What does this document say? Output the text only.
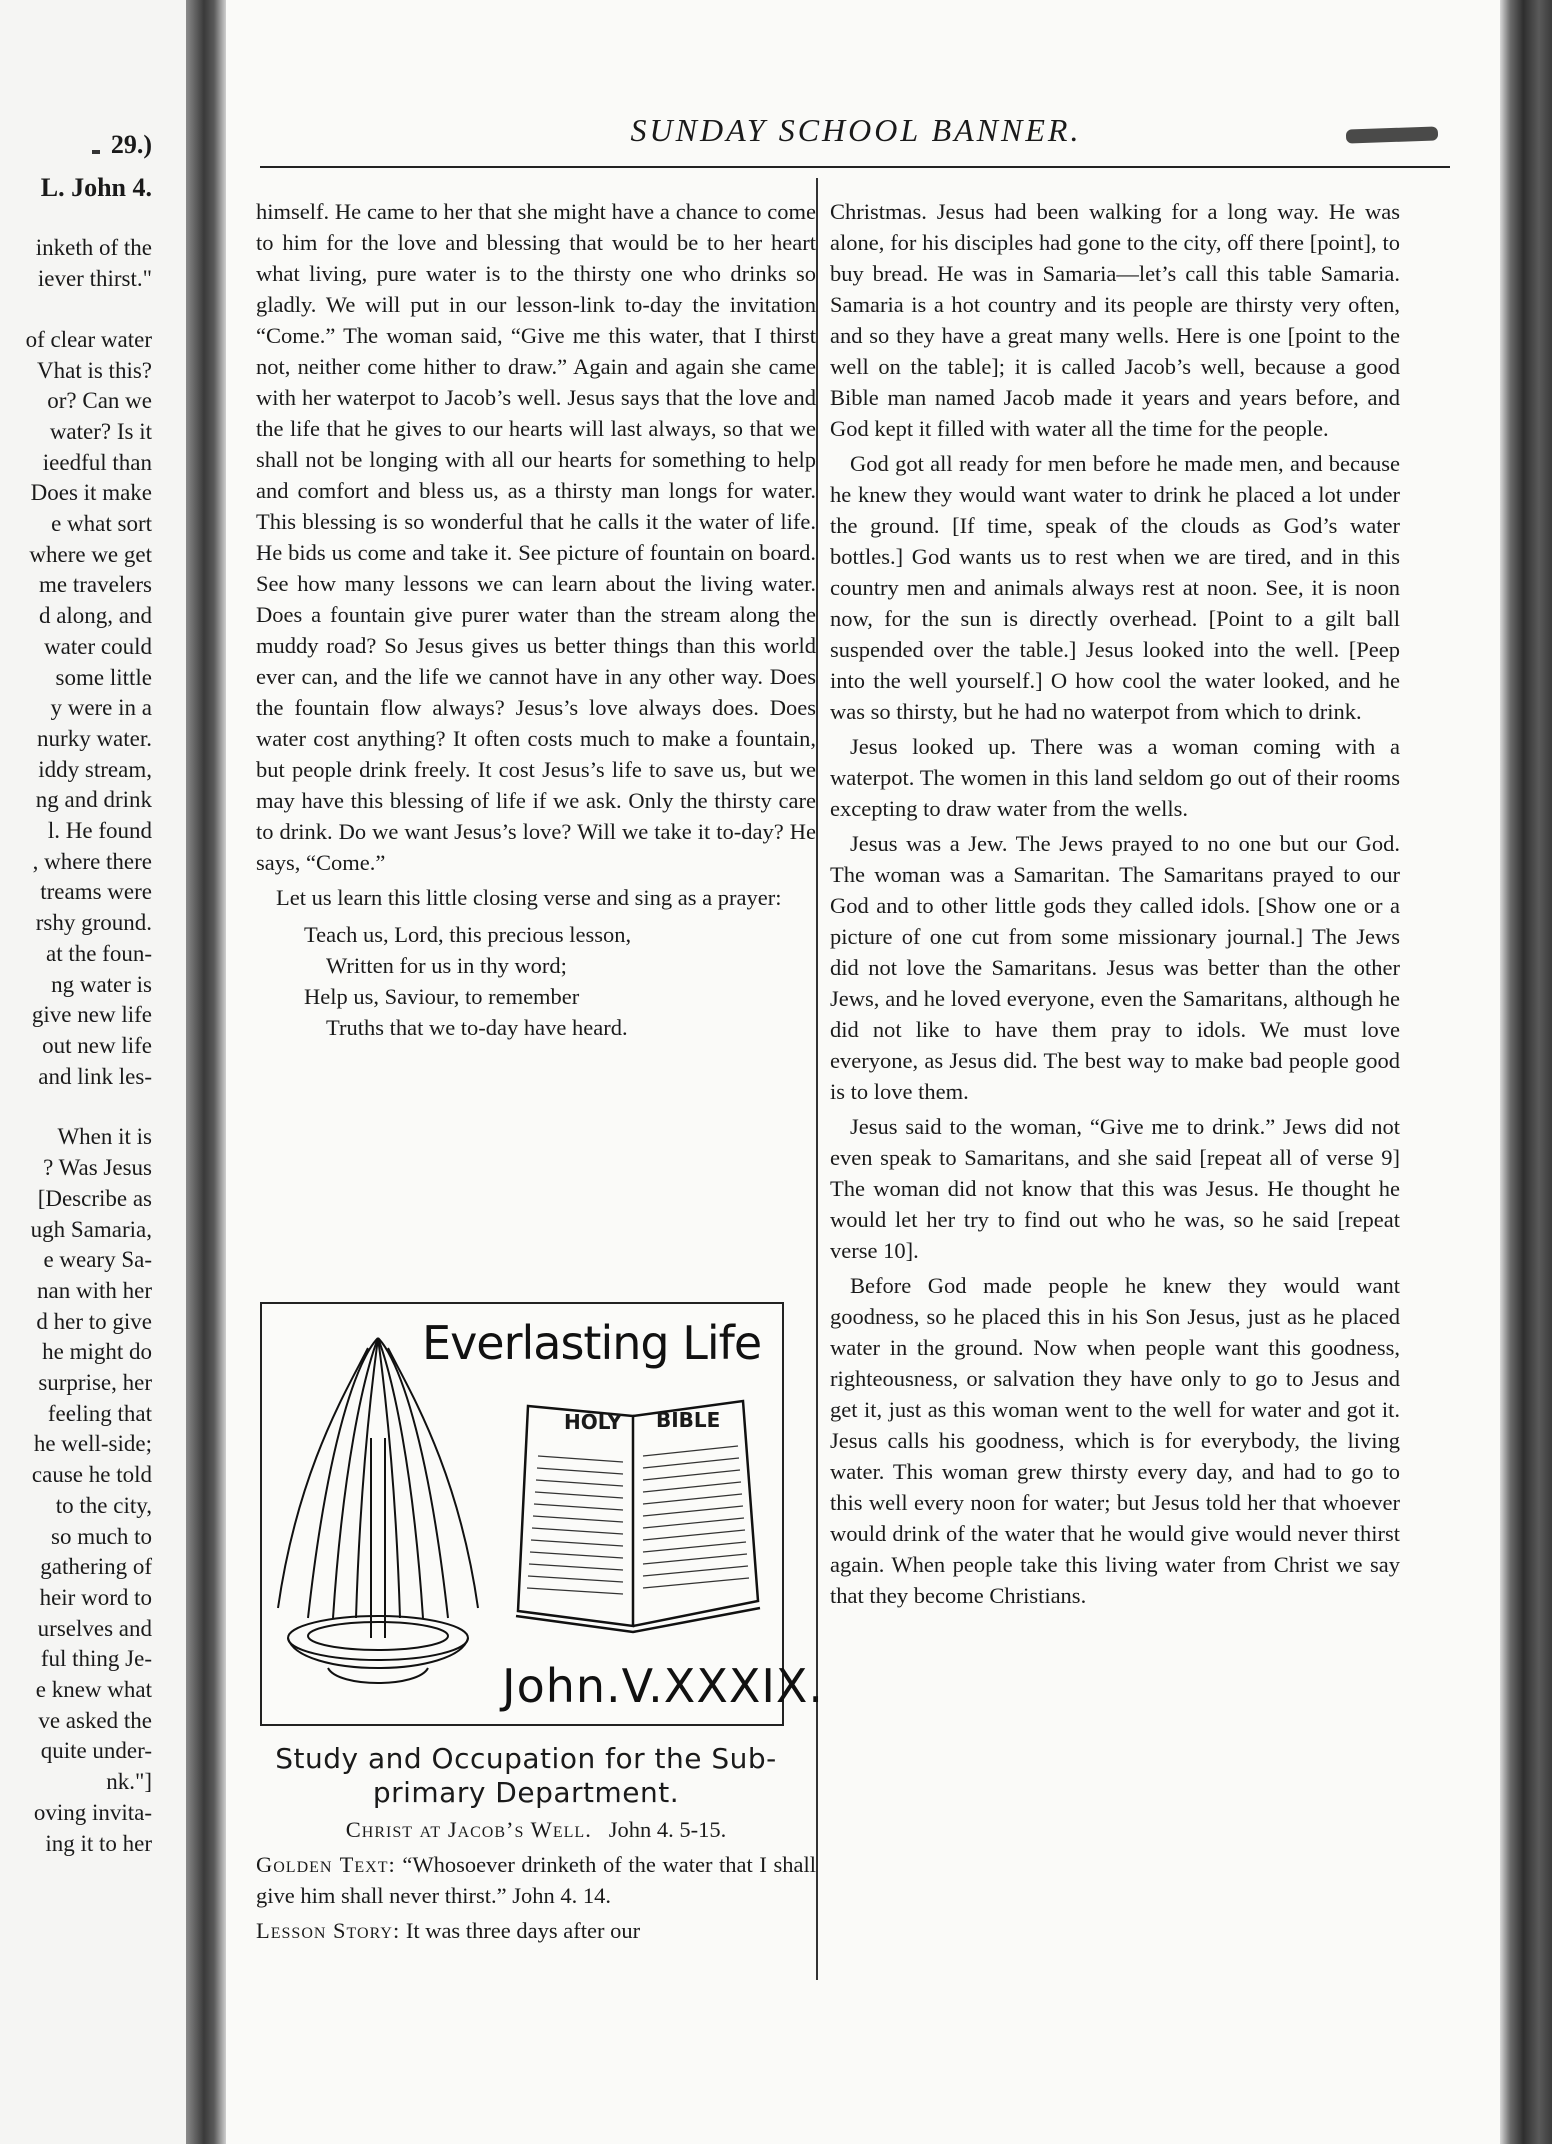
29.)
L. John 4.
inketh of the
iever thirst."
of clear water
Vhat is this?
or? Can we
water? Is it
ieedful than
Does it make
e what sort
where we get
me travelers
d along, and
water could
some little
y were in a
nurky water.
iddy stream,
ng and drink
l. He found
, where there
treams were
rshy ground.
at the foun-
ng water is
give new life
out new life
and link les-
When it is
? Was Jesus
[Describe as
ugh Samaria,
e weary Sa-
nan with her
d her to give
he might do
surprise, her
feeling that
he well-side;
cause he told
to the city,
so much to
gathering of
heir word to
urselves and
ful thing Je-
e knew what
ve asked the
quite under-
nk."]
oving invita-
ing it to her
SUNDAY SCHOOL BANNER.

himself. He came to her that she might have a chance to come to him for the love and blessing that would be to her heart what living, pure water is to the thirsty one who drinks so gladly. We will put in our lesson-link to-day the invitation “Come.” The woman said, “Give me this water, that I thirst not, neither come hither to draw.” Again and again she came with her waterpot to Jacob’s well. Jesus says that the love and the life that he gives to our hearts will last always, so that we shall not be longing with all our hearts for something to help and comfort and bless us, as a thirsty man longs for water. This blessing is so wonderful that he calls it the water of life. He bids us come and take it. See picture of fountain on board. See how many lessons we can learn about the living water. Does a fountain give purer water than the stream along the muddy road? So Jesus gives us better things than this world ever can, and the life we cannot have in any other way. Does the fountain flow always? Jesus’s love always does. Does water cost anything? It often costs much to make a fountain, but people drink freely. It cost Jesus’s life to save us, but we may have this blessing of life if we ask. Only the thirsty care to drink. Do we want Jesus’s love? Will we take it to-day? He says, “Come.”

Let us learn this little closing verse and sing as a prayer:

Teach us, Lord, this precious lesson,
Written for us in thy word;
Help us, Saviour, to remember
Truths that we to-day have heard.
Everlasting Life
HOLY BIBLE
John.V.XXXIX.
Study and Occupation for the Sub-
primary Department.

Christ at Jacob’s Well. John 4. 5-15.

Golden Text: “Whosoever drinketh of the water that I shall give him shall never thirst.” John 4. 14.

Lesson Story: It was three days after our

Christmas. Jesus had been walking for a long way. He was alone, for his disciples had gone to the city, off there [point], to buy bread. He was in Samaria—let’s call this table Samaria. Samaria is a hot country and its people are thirsty very often, and so they have a great many wells. Here is one [point to the well on the table]; it is called Jacob’s well, because a good Bible man named Jacob made it years and years before, and God kept it filled with water all the time for the people.

God got all ready for men before he made men, and because he knew they would want water to drink he placed a lot under the ground. [If time, speak of the clouds as God’s water bottles.] God wants us to rest when we are tired, and in this country men and animals always rest at noon. See, it is noon now, for the sun is directly overhead. [Point to a gilt ball suspended over the table.] Jesus looked into the well. [Peep into the well yourself.] O how cool the water looked, and he was so thirsty, but he had no waterpot from which to drink.

Jesus looked up. There was a woman coming with a waterpot. The women in this land seldom go out of their rooms excepting to draw water from the wells.

Jesus was a Jew. The Jews prayed to no one but our God. The woman was a Samaritan. The Samaritans prayed to our God and to other little gods they called idols. [Show one or a picture of one cut from some missionary journal.] The Jews did not love the Samaritans. Jesus was better than the other Jews, and he loved everyone, even the Samaritans, although he did not like to have them pray to idols. We must love everyone, as Jesus did. The best way to make bad people good is to love them.

Jesus said to the woman, “Give me to drink.” Jews did not even speak to Samaritans, and she said [repeat all of verse 9] The woman did not know that this was Jesus. He thought he would let her try to find out who he was, so he said [repeat verse 10].

Before God made people he knew they would want goodness, so he placed this in his Son Jesus, just as he placed water in the ground. Now when people want this goodness, righteousness, or salvation they have only to go to Jesus and get it, just as this woman went to the well for water and got it. Jesus calls his goodness, which is for everybody, the living water. This woman grew thirsty every day, and had to go to this well every noon for water; but Jesus told her that whoever would drink of the water that he would give would never thirst again. When people take this living water from Christ we say that they become Christians.
